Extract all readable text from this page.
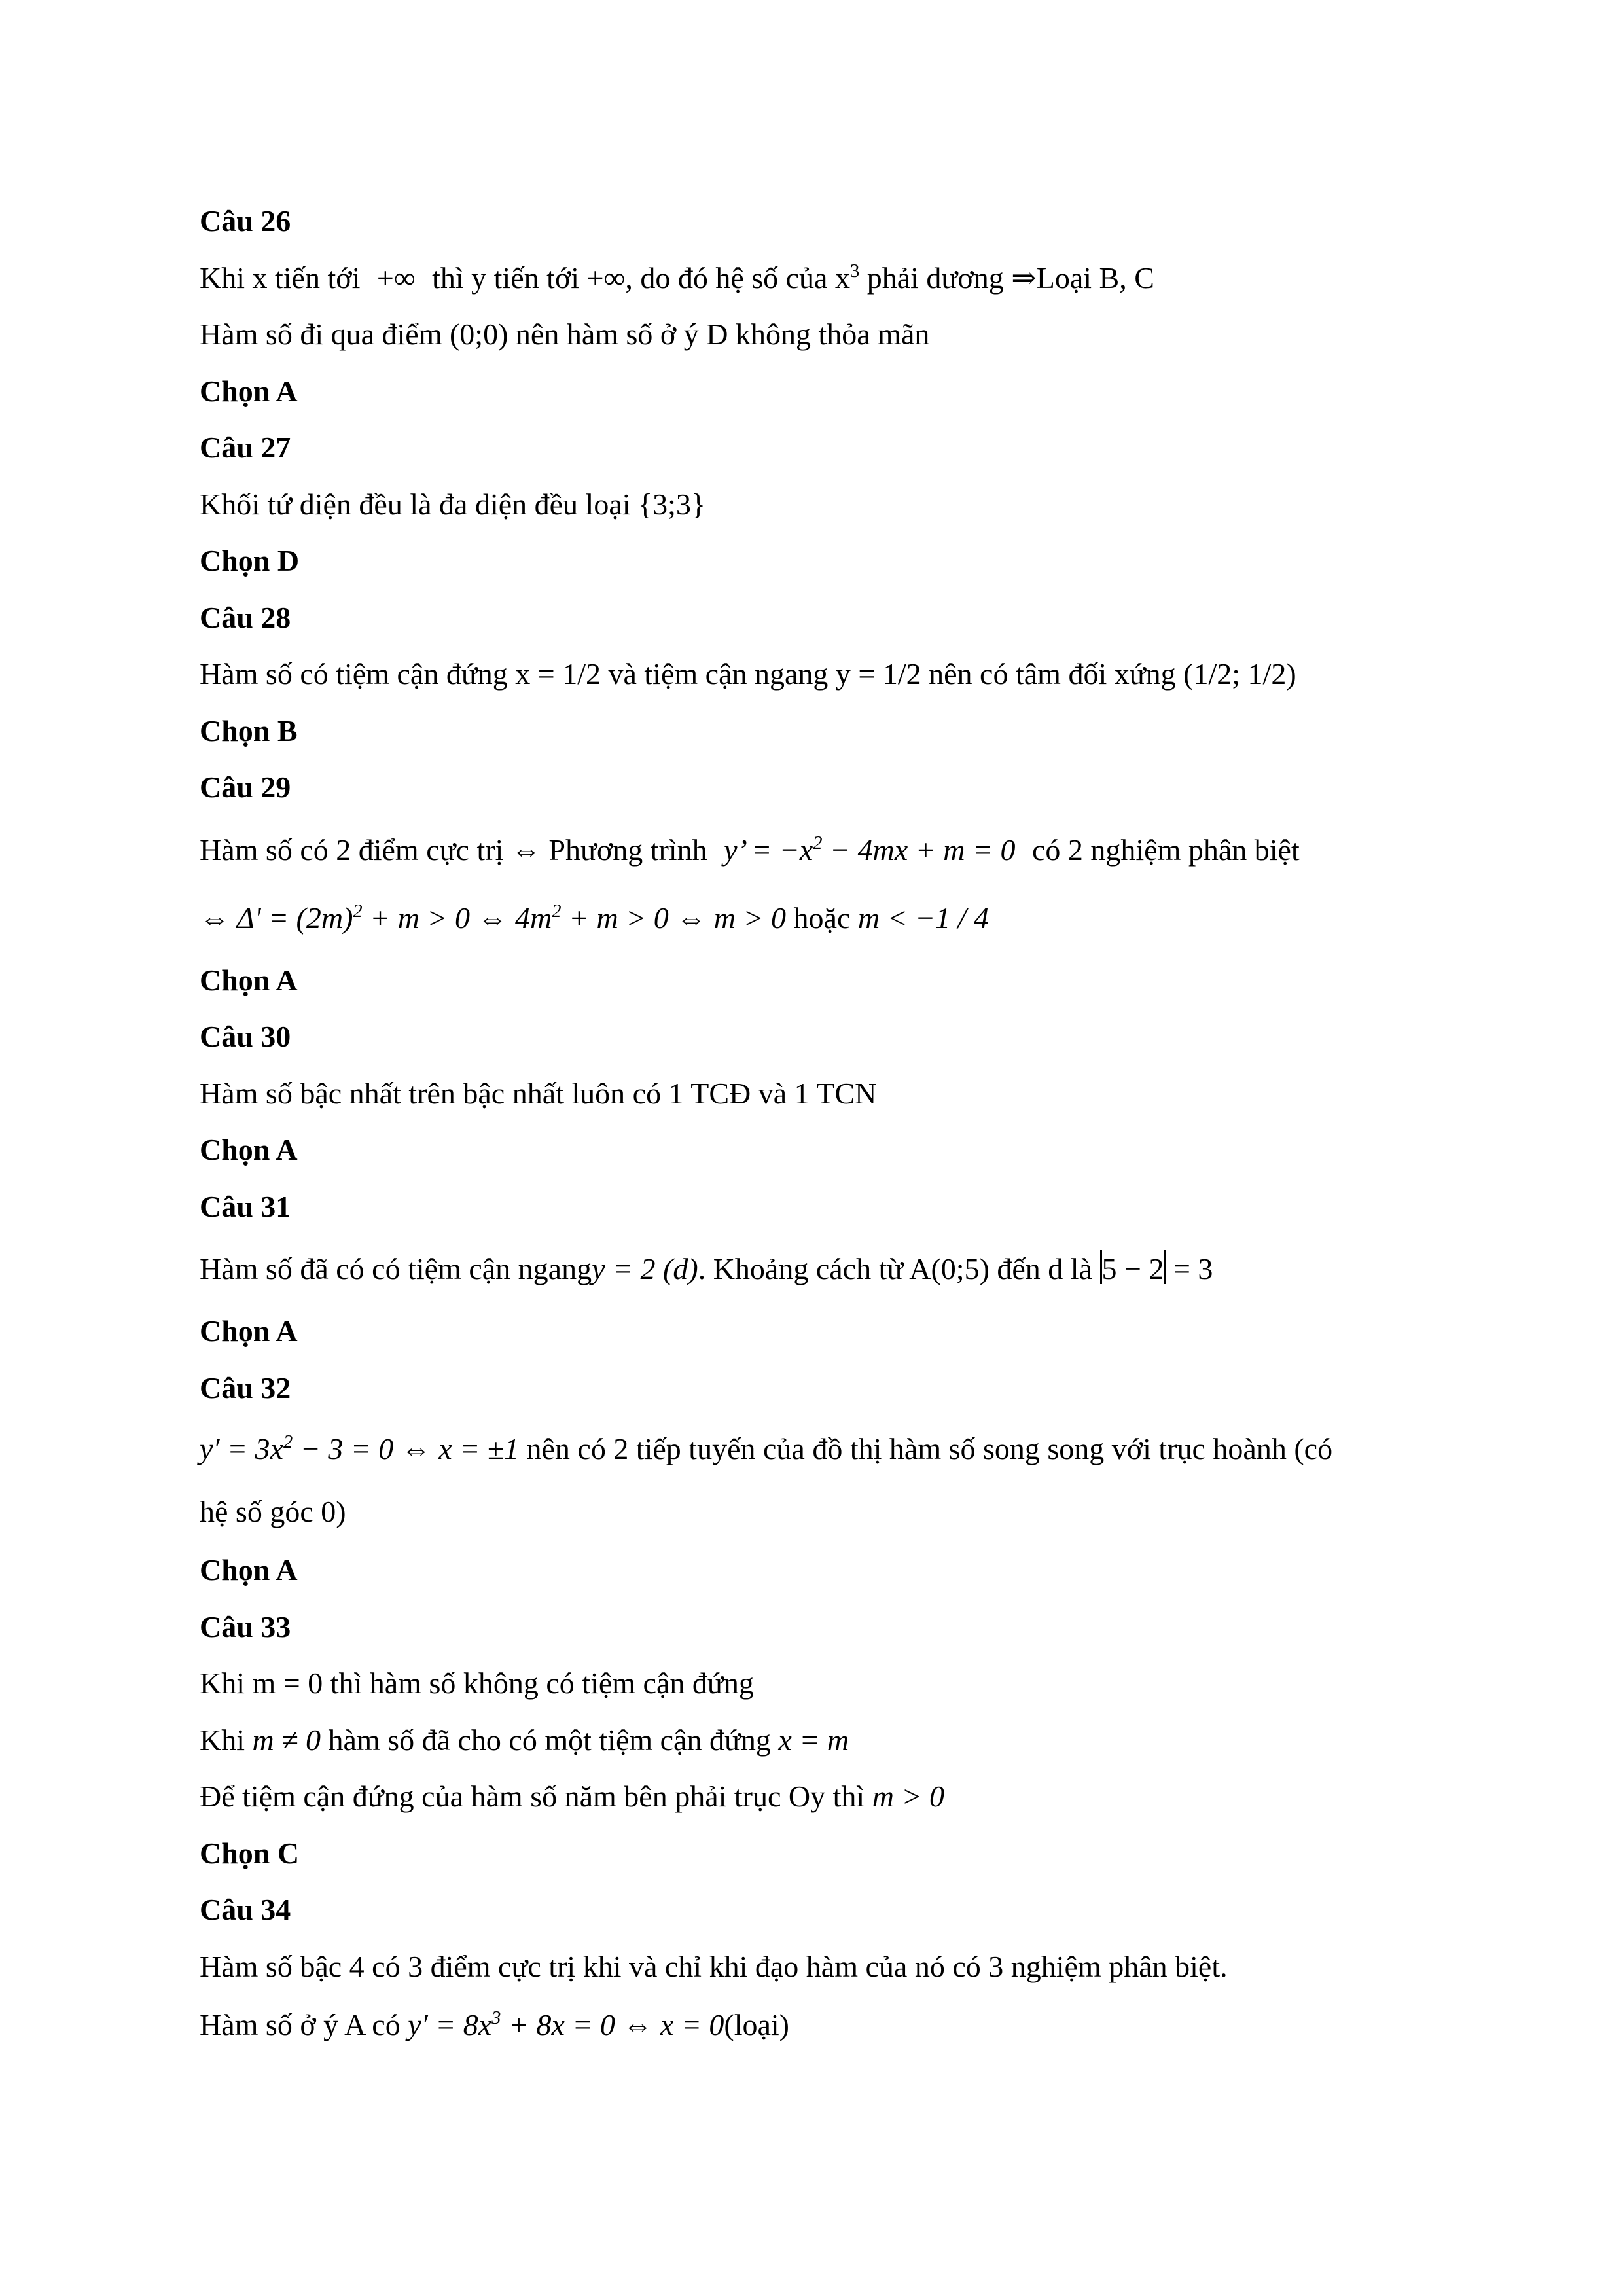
Câu 26
Khi x tiến tới +∞ thì y tiến tới +∞, do đó hệ số của $x^3$ phải dương ⇒Loại B, C
Hàm số đi qua điểm (0;0) nên hàm số ở ý D không thỏa mãn
Chọn A
Câu 27
Khối tứ diện đều là đa diện đều loại {3;3}
Chọn D
Câu 28
Hàm số có tiệm cận đứng x = 1/2 và tiệm cận ngang y = 1/2 nên có tâm đối xứng (1/2; 1/2)
Chọn B
Câu 29
Hàm số có 2 điểm cực trị ⇔ Phương trình y’ = $-x^2 - 4mx + m = 0$ có 2 nghiệm phân biệt
⇔ $\Delta' = (2m)^2 + m > 0$ ⇔ $4m^2 + m > 0$ ⇔ m > 0 hoặc m < −1 / 4
Chọn A
Câu 30
Hàm số bậc nhất trên bậc nhất luôn có 1 TCĐ và 1 TCN
Chọn A
Câu 31
Hàm số đã có có tiệm cận ngangy = 2 (d). Khoảng cách từ A(0;5) đến d là 5 − 2 = 3
Chọn A
Câu 32
$y' = 3x^2 - 3 = 0$ ⇔ x = ±1 nên có 2 tiếp tuyến của đồ thị hàm số song song với trục hoành (có
hệ số góc 0)
Chọn A
Câu 33
Khi m = 0 thì hàm số không có tiệm cận đứng
Khi m ≠ 0 hàm số đã cho có một tiệm cận đứng x = m
Để tiệm cận đứng của hàm số năm bên phải trục Oy thì m > 0
Chọn C
Câu 34
Hàm số bậc 4 có 3 điểm cực trị khi và chỉ khi đạo hàm của nó có 3 nghiệm phân biệt.
Hàm số ở ý A có $y' = 8x^3 + 8x = 0$ ⇔ x = 0(loại)
